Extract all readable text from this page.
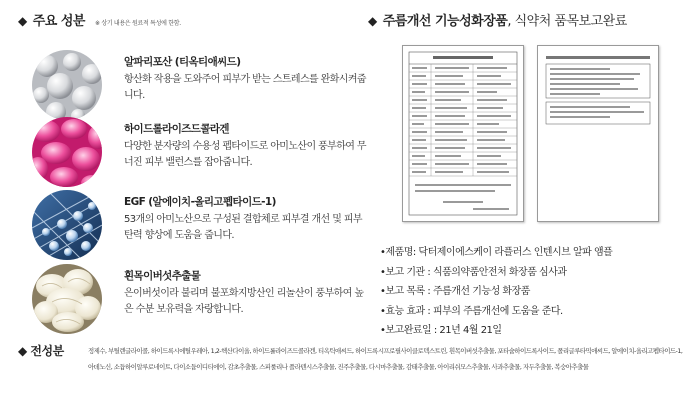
◆ 주요 성분 ※ 상기 내용은 원료적 특성에 한함.
알파리포산 (티옥티애씨드)
항산화 작용을 도와주어 피부가 받는 스트레스를 완화시켜줍니다.
하이드롤라이즈드콜라겐
다양한 분자량의 수용성 펩타이드로 아미노산이 풍부하여 무너진 피부 밸런스를 잡아줍니다.
EGF (알에이치-올리고펩타이드-1)
53개의 아미노산으로 구성된 결합체로 피부결 개선 및 피부 탄력 향상에 도움을 줍니다.
흰목이버섯추출물
은이버섯이라 불리며 불포화지방산인 리놀산이 풍부하여 높은 수분 보유력을 자랑합니다.
◆ 주름개선 기능성화장품, 식약처 품목보고완료
•제품명: 닥터제이에스케이 라플러스 인텐시브 알파 앰플
•보고 기관 : 식품의약품안전처 화장품 심사과
•보고 목록 : 주름개선 기능성 화장품
•효능 효과 : 피부의 주름개선에 도움을 준다.
•보고완료일 : 21년 4월 21일
◆ 전성분	정제수, 부틸렌글라이콜, 하이드록시에틸우레아, 1,2-헥산다이올, 하이드롤라이즈드콜라겐, 티옥틱애씨드, 하이드록시프로필사이클로덱스트린, 흰목이버섯추출물, 포타슘하이드록사이드, 폴리글루타믹애씨드, 알에이치-올리고펩타이드-1, 아데노신, 소듐하이알루로네이트, 다이소듐이디티에이, 감초추출물, 스피룰리나 플라텐시스추출물, 진주추출물, 다시마추출물, 감태추출물, 아이리쉬모스추출물, 사과추출물, 자두추출물, 복숭아추출물
